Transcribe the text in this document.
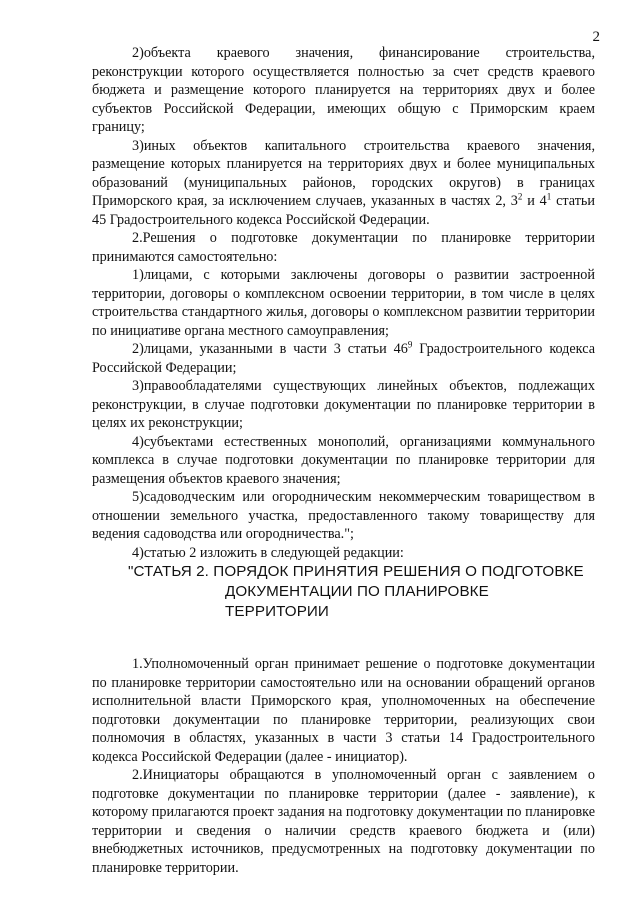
2

2)объекта краевого значения, финансирование строительства, реконструкции которого осуществляется полностью за счет средств краевого бюджета и размещение которого планируется на территориях двух и более субъектов Российской Федерации, имеющих общую с Приморским краем границу;

3)иных объектов капитального строительства краевого значения, размещение которых планируется на территориях двух и более муниципальных образований (муниципальных районов, городских округов) в границах Приморского края, за исключением случаев, указанных в частях 2, $3^2$ и $4^1$ статьи 45 Градостроительного кодекса Российской Федерации.

2.Решения о подготовке документации по планировке территории принимаются самостоятельно:

1)лицами, с которыми заключены договоры о развитии застроенной территории, договоры о комплексном освоении территории, в том числе в целях строительства стандартного жилья, договоры о комплексном развитии территории по инициативе органа местного самоуправления;

2)лицами, указанными в части 3 статьи $46^9$ Градостроительного кодекса Российской Федерации;

3)правообладателями существующих линейных объектов, подлежащих реконструкции, в случае подготовки документации по планировке территории в целях их реконструкции;

4)субъектами естественных монополий, организациями коммунального комплекса в случае подготовки документации по планировке территории для размещения объектов краевого значения;

5)садоводческим или огородническим некоммерческим товариществом в отношении земельного участка, предоставленного такому товариществу для ведения садоводства или огородничества.";

4)статью 2 изложить в следующей редакции:

"СТАТЬЯ 2. ПОРЯДОК ПРИНЯТИЯ РЕШЕНИЯ О ПОДГОТОВКЕ

ДОКУМЕНТАЦИИ ПО ПЛАНИРОВКЕ ТЕРРИТОРИИ

1.Уполномоченный орган принимает решение о подготовке документации по планировке территории самостоятельно или на основании обращений органов исполнительной власти Приморского края, уполномоченных на обеспечение подготовки документации по планировке территории, реализующих свои полномочия в областях, указанных в части 3 статьи 14 Градостроительного кодекса Российской Федерации (далее - инициатор).

2.Инициаторы обращаются в уполномоченный орган с заявлением о подготовке документации по планировке территории (далее - заявление), к которому прилагаются проект задания на подготовку документации по планировке территории и сведения о наличии средств краевого бюджета и (или) внебюджетных источников, предусмотренных на подготовку документации по планировке территории.
